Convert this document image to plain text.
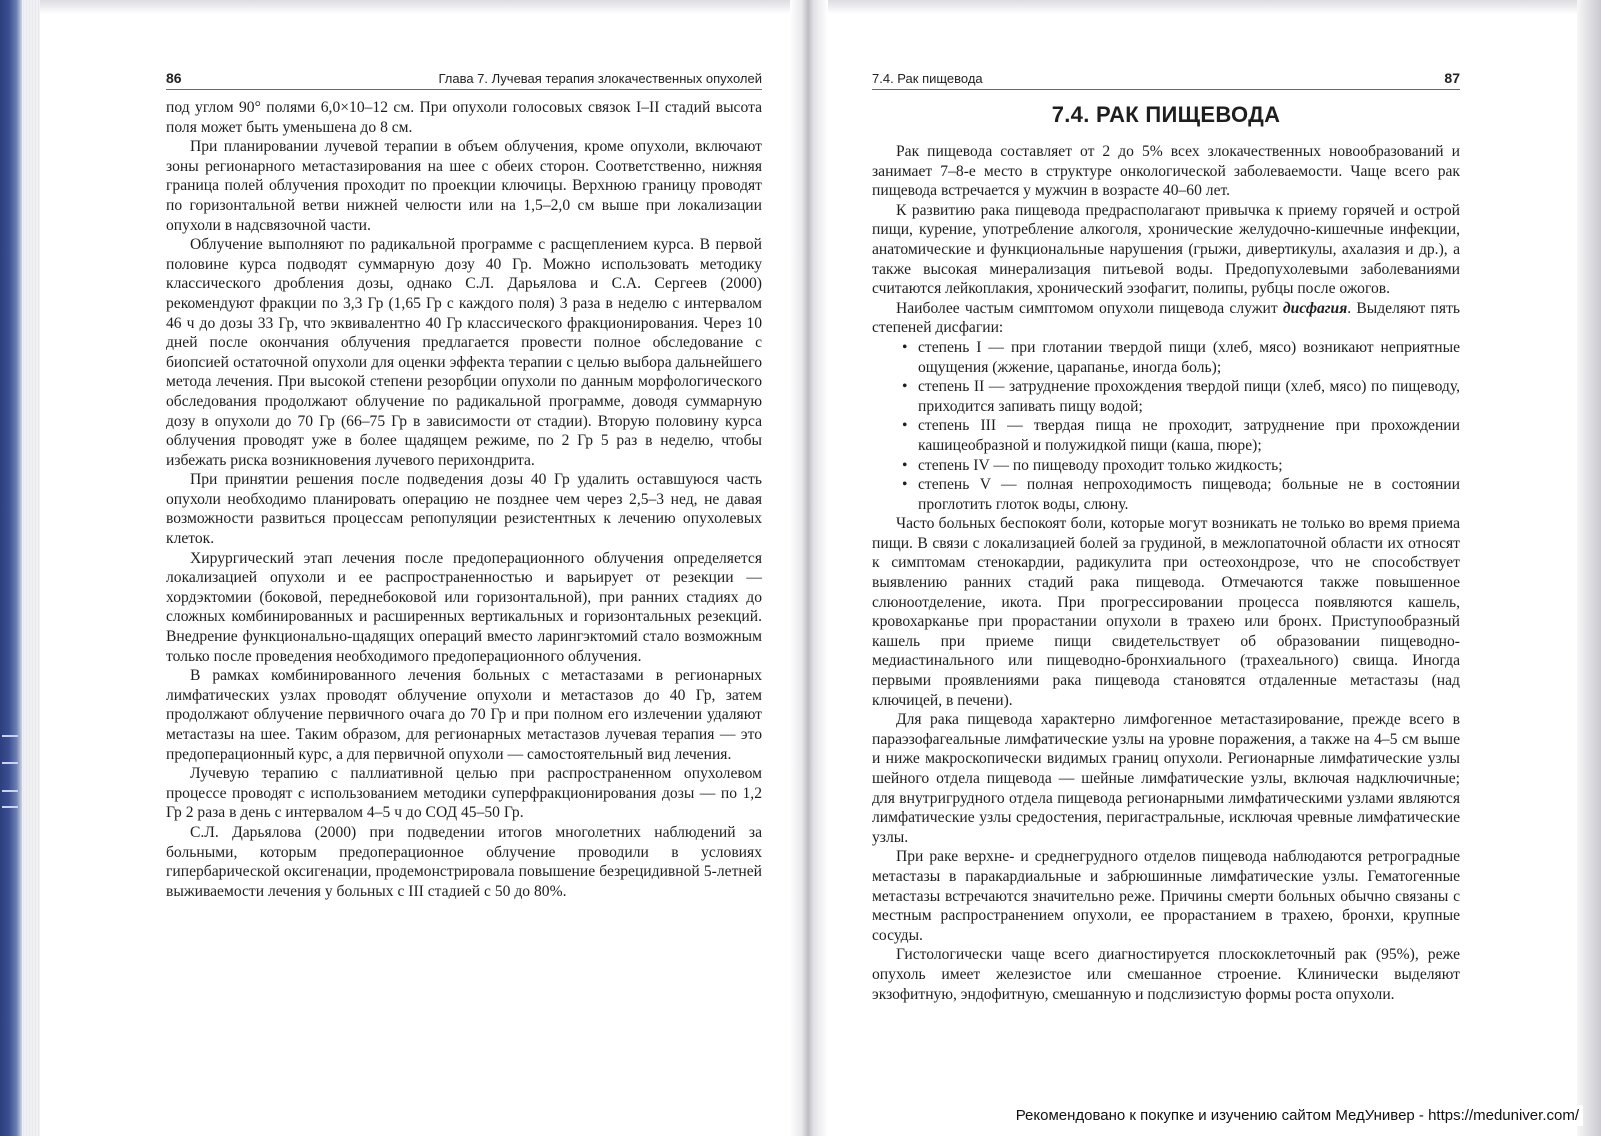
86	Глава 7. Лучевая терапия злокачественных опухолей

под углом 90° полями 6,0×10–12 см. При опухоли голосовых связок I–II стадий высота поля может быть уменьшена до 8 см.

При планировании лучевой терапии в объем облучения, кроме опухоли, включают зоны регионарного метастазирования на шее с обеих сторон. Соответственно, нижняя граница полей облучения проходит по проекции ключицы. Верхнюю границу проводят по горизонтальной ветви нижней челюсти или на 1,5–2,0 см выше при локализации опухоли в надсвязочной части.

Облучение выполняют по радикальной программе с расщеплением курса. В первой половине курса подводят суммарную дозу 40 Гр. Можно использовать методику классического дробления дозы, однако С.Л. Дарьялова и С.А. Сергеев (2000) рекомендуют фракции по 3,3 Гр (1,65 Гр с каждого поля) 3 раза в неделю с интервалом 46 ч до дозы 33 Гр, что эквивалентно 40 Гр классического фракционирования. Через 10 дней после окончания облучения предлагается провести полное обследование с биопсией остаточной опухоли для оценки эффекта терапии с целью выбора дальнейшего метода лечения. При высокой степени резорбции опухоли по данным морфологического обследования продолжают облучение по радикальной программе, доводя суммарную дозу в опухоли до 70 Гр (66–75 Гр в зависимости от стадии). Вторую половину курса облучения проводят уже в более щадящем режиме, по 2 Гр 5 раз в неделю, чтобы избежать риска возникновения лучевого перихондрита.

При принятии решения после подведения дозы 40 Гр удалить оставшуюся часть опухоли необходимо планировать операцию не позднее чем через 2,5–3 нед, не давая возможности развиться процессам репопуляции резистентных к лечению опухолевых клеток.

Хирургический этап лечения после предоперационного облучения определяется локализацией опухоли и ее распространенностью и варьирует от резекции — хордэктомии (боковой, переднебоковой или горизонтальной), при ранних стадиях до сложных комбинированных и расширенных вертикальных и горизонтальных резекций. Внедрение функционально-щадящих операций вместо ларингэктомий стало возможным только после проведения необходимого предоперационного облучения.

В рамках комбинированного лечения больных с метастазами в регионарных лимфатических узлах проводят облучение опухоли и метастазов до 40 Гр, затем продолжают облучение первичного очага до 70 Гр и при полном его излечении удаляют метастазы на шее. Таким образом, для регионарных метастазов лучевая терапия — это предоперационный курс, а для первичной опухоли — самостоятельный вид лечения.

Лучевую терапию с паллиативной целью при распространенном опухолевом процессе проводят с использованием методики суперфракционирования дозы — по 1,2 Гр 2 раза в день с интервалом 4–5 ч до СОД 45–50 Гр.

С.Л. Дарьялова (2000) при подведении итогов многолетних наблюдений за больными, которым предоперационное облучение проводили в условиях гипербарической оксигенации, продемонстрировала повышение безрецидивной 5-летней выживаемости лечения у больных с III стадией с 50 до 80%.

7.4. Рак пищевода	87
7.4. РАК ПИЩЕВОДА

Рак пищевода составляет от 2 до 5% всех злокачественных новообразований и занимает 7–8-е место в структуре онкологической заболеваемости. Чаще всего рак пищевода встречается у мужчин в возрасте 40–60 лет.

К развитию рака пищевода предрасполагают привычка к приему горячей и острой пищи, курение, употребление алкоголя, хронические желудочно-кишечные инфекции, анатомические и функциональные нарушения (грыжи, дивертикулы, ахалазия и др.), а также высокая минерализация питьевой воды. Предопухолевыми заболеваниями считаются лейкоплакия, хронический эзофагит, полипы, рубцы после ожогов.

Наиболее частым симптомом опухоли пищевода служит дисфагия. Выделяют пять степеней дисфагии:

• степень I — при глотании твердой пищи (хлеб, мясо) возникают неприятные ощущения (жжение, царапанье, иногда боль);
• степень II — затруднение прохождения твердой пищи (хлеб, мясо) по пищеводу, приходится запивать пищу водой;
• степень III — твердая пища не проходит, затруднение при прохождении кашицеобразной и полужидкой пищи (каша, пюре);
• степень IV — по пищеводу проходит только жидкость;
• степень V — полная непроходимость пищевода; больные не в состоянии проглотить глоток воды, слюну.

Часто больных беспокоят боли, которые могут возникать не только во время приема пищи. В связи с локализацией болей за грудиной, в межлопаточной области их относят к симптомам стенокардии, радикулита при остеохондрозе, что не способствует выявлению ранних стадий рака пищевода. Отмечаются также повышенное слюноотделение, икота. При прогрессировании процесса появляются кашель, кровохарканье при прорастании опухоли в трахею или бронх. Приступообразный кашель при приеме пищи свидетельствует об образовании пищеводно-медиастинального или пищеводно-бронхиального (трахеального) свища. Иногда первыми проявлениями рака пищевода становятся отдаленные метастазы (над ключицей, в печени).

Для рака пищевода характерно лимфогенное метастазирование, прежде всего в параэзофагеальные лимфатические узлы на уровне поражения, а также на 4–5 см выше и ниже макроскопически видимых границ опухоли. Регионарные лимфатические узлы шейного отдела пищевода — шейные лимфатические узлы, включая надключичные; для внутригрудного отдела пищевода регионарными лимфатическими узлами являются лимфатические узлы средостения, перигастральные, исключая чревные лимфатические узлы.

При раке верхне- и среднегрудного отделов пищевода наблюдаются ретроградные метастазы в паракардиальные и забрюшинные лимфатические узлы. Гематогенные метастазы встречаются значительно реже. Причины смерти больных обычно связаны с местным распространением опухоли, ее прорастанием в трахею, бронхи, крупные сосуды.

Гистологически чаще всего диагностируется плоскоклеточный рак (95%), реже опухоль имеет железистое или смешанное строение. Клинически выделяют экзофитную, эндофитную, смешанную и подслизистую формы роста опухоли.

Рекомендовано к покупке и изучению сайтом МедУнивер - https://meduniver.com/
